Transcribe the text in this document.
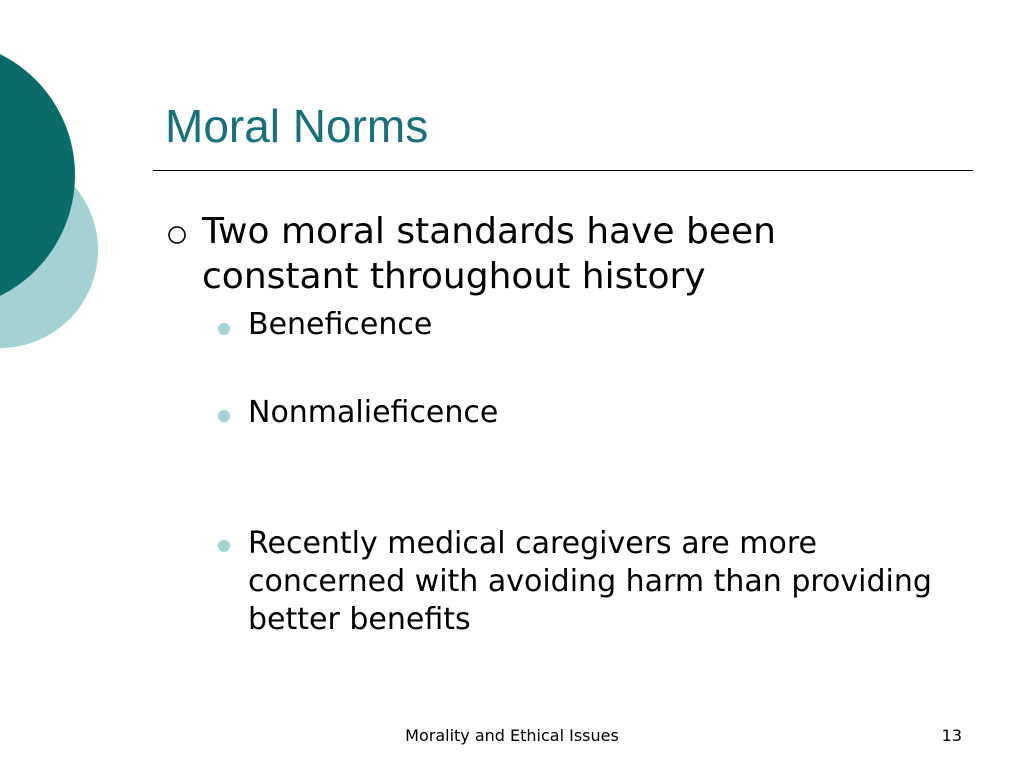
Moral Norms
Two moral standards have been constant throughout history
Beneficence
Nonmalieficence
Recently medical caregivers are more concerned with avoiding harm than providing better benefits
Morality and Ethical Issues	13
